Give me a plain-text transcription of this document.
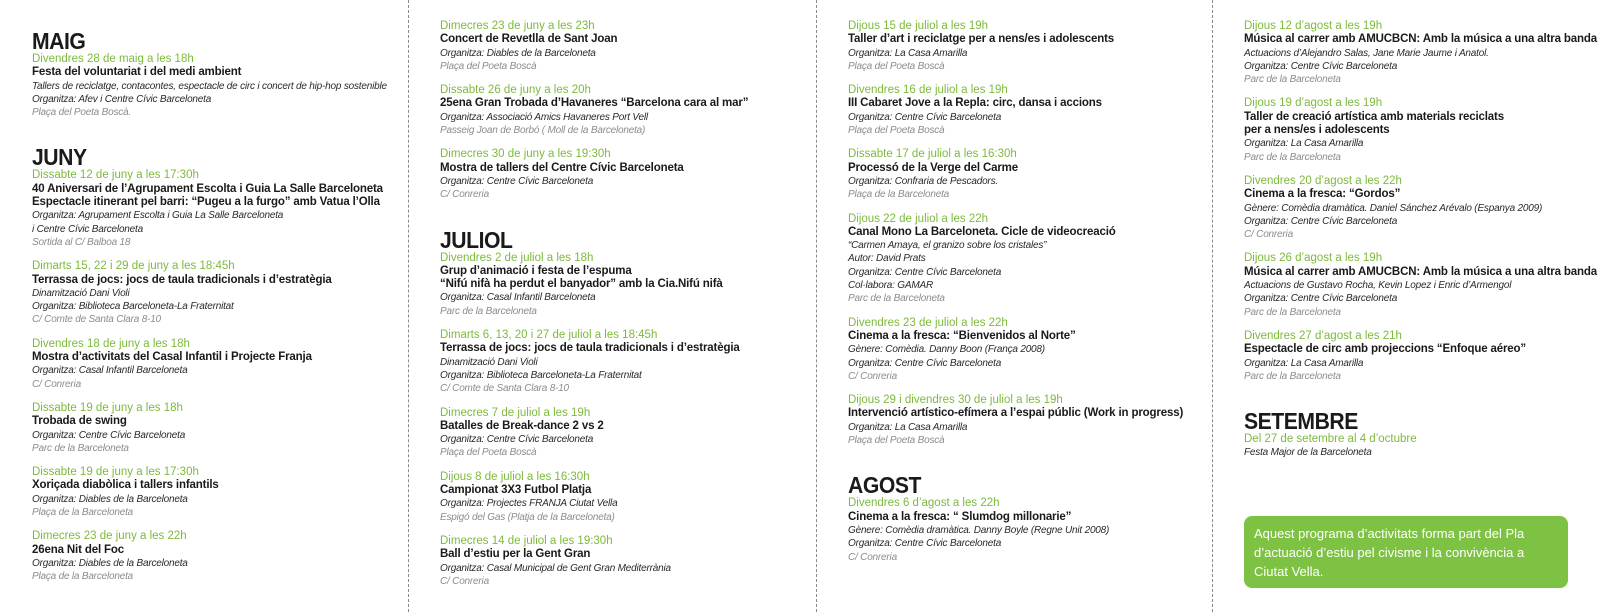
MAIG
Divendres 28 de maig a les 18h
Festa del voluntariat i del medi ambient
Tallers de reciclatge, contacontes, espectacle de circ i concert de hip-hop sostenible
Organitza: Afev i Centre Cívic Barceloneta
Plaça del Poeta Boscà.
JUNY
Dissabte 12 de juny a les 17:30h
40 Aniversari de l’Agrupament Escolta i Guia La Salle Barceloneta
Espectacle itinerant pel barri: “Pugeu a la furgo” amb Vatua l’Olla
Organitza: Agrupament Escolta i Guia La Salle Barceloneta
i Centre Cívic Barceloneta
Sortida al C/ Balboa 18
Dimarts 15, 22 i 29 de juny a les 18:45h
Terrassa de jocs: jocs de taula tradicionals i d’estratègia
Dinamització Dani Violi
Organitza: Biblioteca Barceloneta-La Fraternitat
C/ Comte de Santa Clara 8-10
Divendres 18 de juny a les 18h
Mostra d’activitats del Casal Infantil i Projecte Franja
Organitza: Casal Infantil Barceloneta
C/ Conreria
Dissabte 19 de juny a les 18h
Trobada de swing
Organitza: Centre Cívic Barceloneta
Parc de la Barceloneta
Dissabte 19 de juny a les 17:30h
Xoriçada diabòlica i tallers infantils
Organitza: Diables de la Barceloneta
Plaça de la Barceloneta
Dimecres 23 de juny a les 22h
26ena Nit del Foc
Organitza: Diables de la Barceloneta
Plaça de la Barceloneta
Dimecres 23 de juny a les 23h
Concert de Revetlla de Sant Joan
Organitza: Diables de la Barceloneta
Plaça del Poeta Boscà
Dissabte 26 de juny a les 20h
25ena Gran Trobada d’Havaneres “Barcelona cara al mar”
Organitza: Associació Amics Havaneres Port Vell
Passeig Joan de Borbó ( Moll de la Barceloneta)
Dimecres 30 de juny a les 19:30h
Mostra de tallers del Centre Cívic Barceloneta
Organitza: Centre Cívic Barceloneta
C/ Conreria
JULIOL
Divendres 2 de juliol a les 18h
Grup d’animació i festa de l’espuma
“Nifú nifà ha perdut el banyador” amb la Cia.Nifú nifà
Organitza: Casal Infantil Barceloneta
Parc de la Barceloneta
Dimarts 6, 13, 20 i 27 de juliol a les 18:45h
Terrassa de jocs: jocs de taula tradicionals i d’estratègia
Dinamització Dani Violi
Organitza: Biblioteca Barceloneta-La Fraternitat
C/ Comte de Santa Clara 8-10
Dimecres 7 de juliol a les 19h
Batalles de Break-dance 2 vs 2
Organitza: Centre Cívic Barceloneta
Plaça del Poeta Boscà
Dijous 8 de juliol a les 16:30h
Campionat 3X3 Futbol Platja
Organitza: Projectes FRANJA Ciutat Vella
Espigó del Gas (Platja de la Barceloneta)
Dimecres 14 de juliol a les 19:30h
Ball d’estiu per la Gent Gran
Organitza: Casal Municipal de Gent Gran Mediterrània
C/ Conreria
Dijous 15 de juliol a les 19h
Taller d’art i reciclatge per a nens/es i adolescents
Organitza: La Casa Amarilla
Plaça del Poeta Boscà
Divendres 16 de juliol a les 19h
III Cabaret Jove a la Repla: circ, dansa i accions
Organitza: Centre Cívic Barceloneta
Plaça del Poeta Boscà
Dissabte 17 de juliol a les 16:30h
Processó de la Verge del Carme
Organitza: Confraria de Pescadors.
Plaça de la Barceloneta
Dijous 22 de juliol a les 22h
Canal Mono La Barceloneta. Cicle de videocreació
“Carmen Amaya, el granizo sobre los cristales”
Autor: David Prats
Organitza: Centre Cívic Barceloneta
Col·labora: GAMAR
Parc de la Barceloneta
Divendres 23 de juliol a les 22h
Cinema a la fresca: “Bienvenidos al Norte”
Gènere: Comèdia. Danny Boon (França 2008)
Organitza: Centre Cívic Barceloneta
C/ Conreria
Dijous 29 i divendres 30 de juliol a les 19h
Intervenció artístico-efímera a l’espai públic (Work in progress)
Organitza: La Casa Amarilla
Plaça del Poeta Boscà
AGOST
Divendres 6 d’agost a les 22h
Cinema a la fresca: “ Slumdog millonarie”
Gènere: Comèdia dramàtica. Danny Boyle (Regne Unit 2008)
Organitza: Centre Cívic Barceloneta
C/ Conreria
Dijous 12 d’agost a les 19h
Música al carrer amb AMUCBCN: Amb la música a una altra banda
Actuacions d’Alejandro Salas, Jane Marie Jaume i Anatol.
Organitza: Centre Cívic Barceloneta
Parc de la Barceloneta
Dijous 19 d’agost a les 19h
Taller de creació artística amb materials reciclats
per a nens/es i adolescents
Organitza: La Casa Amarilla
Parc de la Barceloneta
Divendres 20 d’agost a les 22h
Cinema a la fresca: “Gordos”
Gènere: Comèdia dramàtica. Daniel Sánchez Arévalo (Espanya 2009)
Organitza: Centre Cívic Barceloneta
C/ Conreria
Dijous 26 d’agost a les 19h
Música al carrer amb AMUCBCN: Amb la música a una altra banda
Actuacions de Gustavo Rocha, Kevin Lopez i Enric d’Armengol
Organitza: Centre Cívic Barceloneta
Parc de la Barceloneta
Divendres 27 d’agost a les 21h
Espectacle de circ amb projeccions “Enfoque aéreo”
Organitza: La Casa Amarilla
Parc de la Barceloneta
SETEMBRE
Del 27 de setembre al 4 d’octubre
Festa Major de la Barceloneta
Aquest programa d’activitats forma part del Pla d’actuació d’estiu pel civisme i la convivència a Ciutat Vella.
